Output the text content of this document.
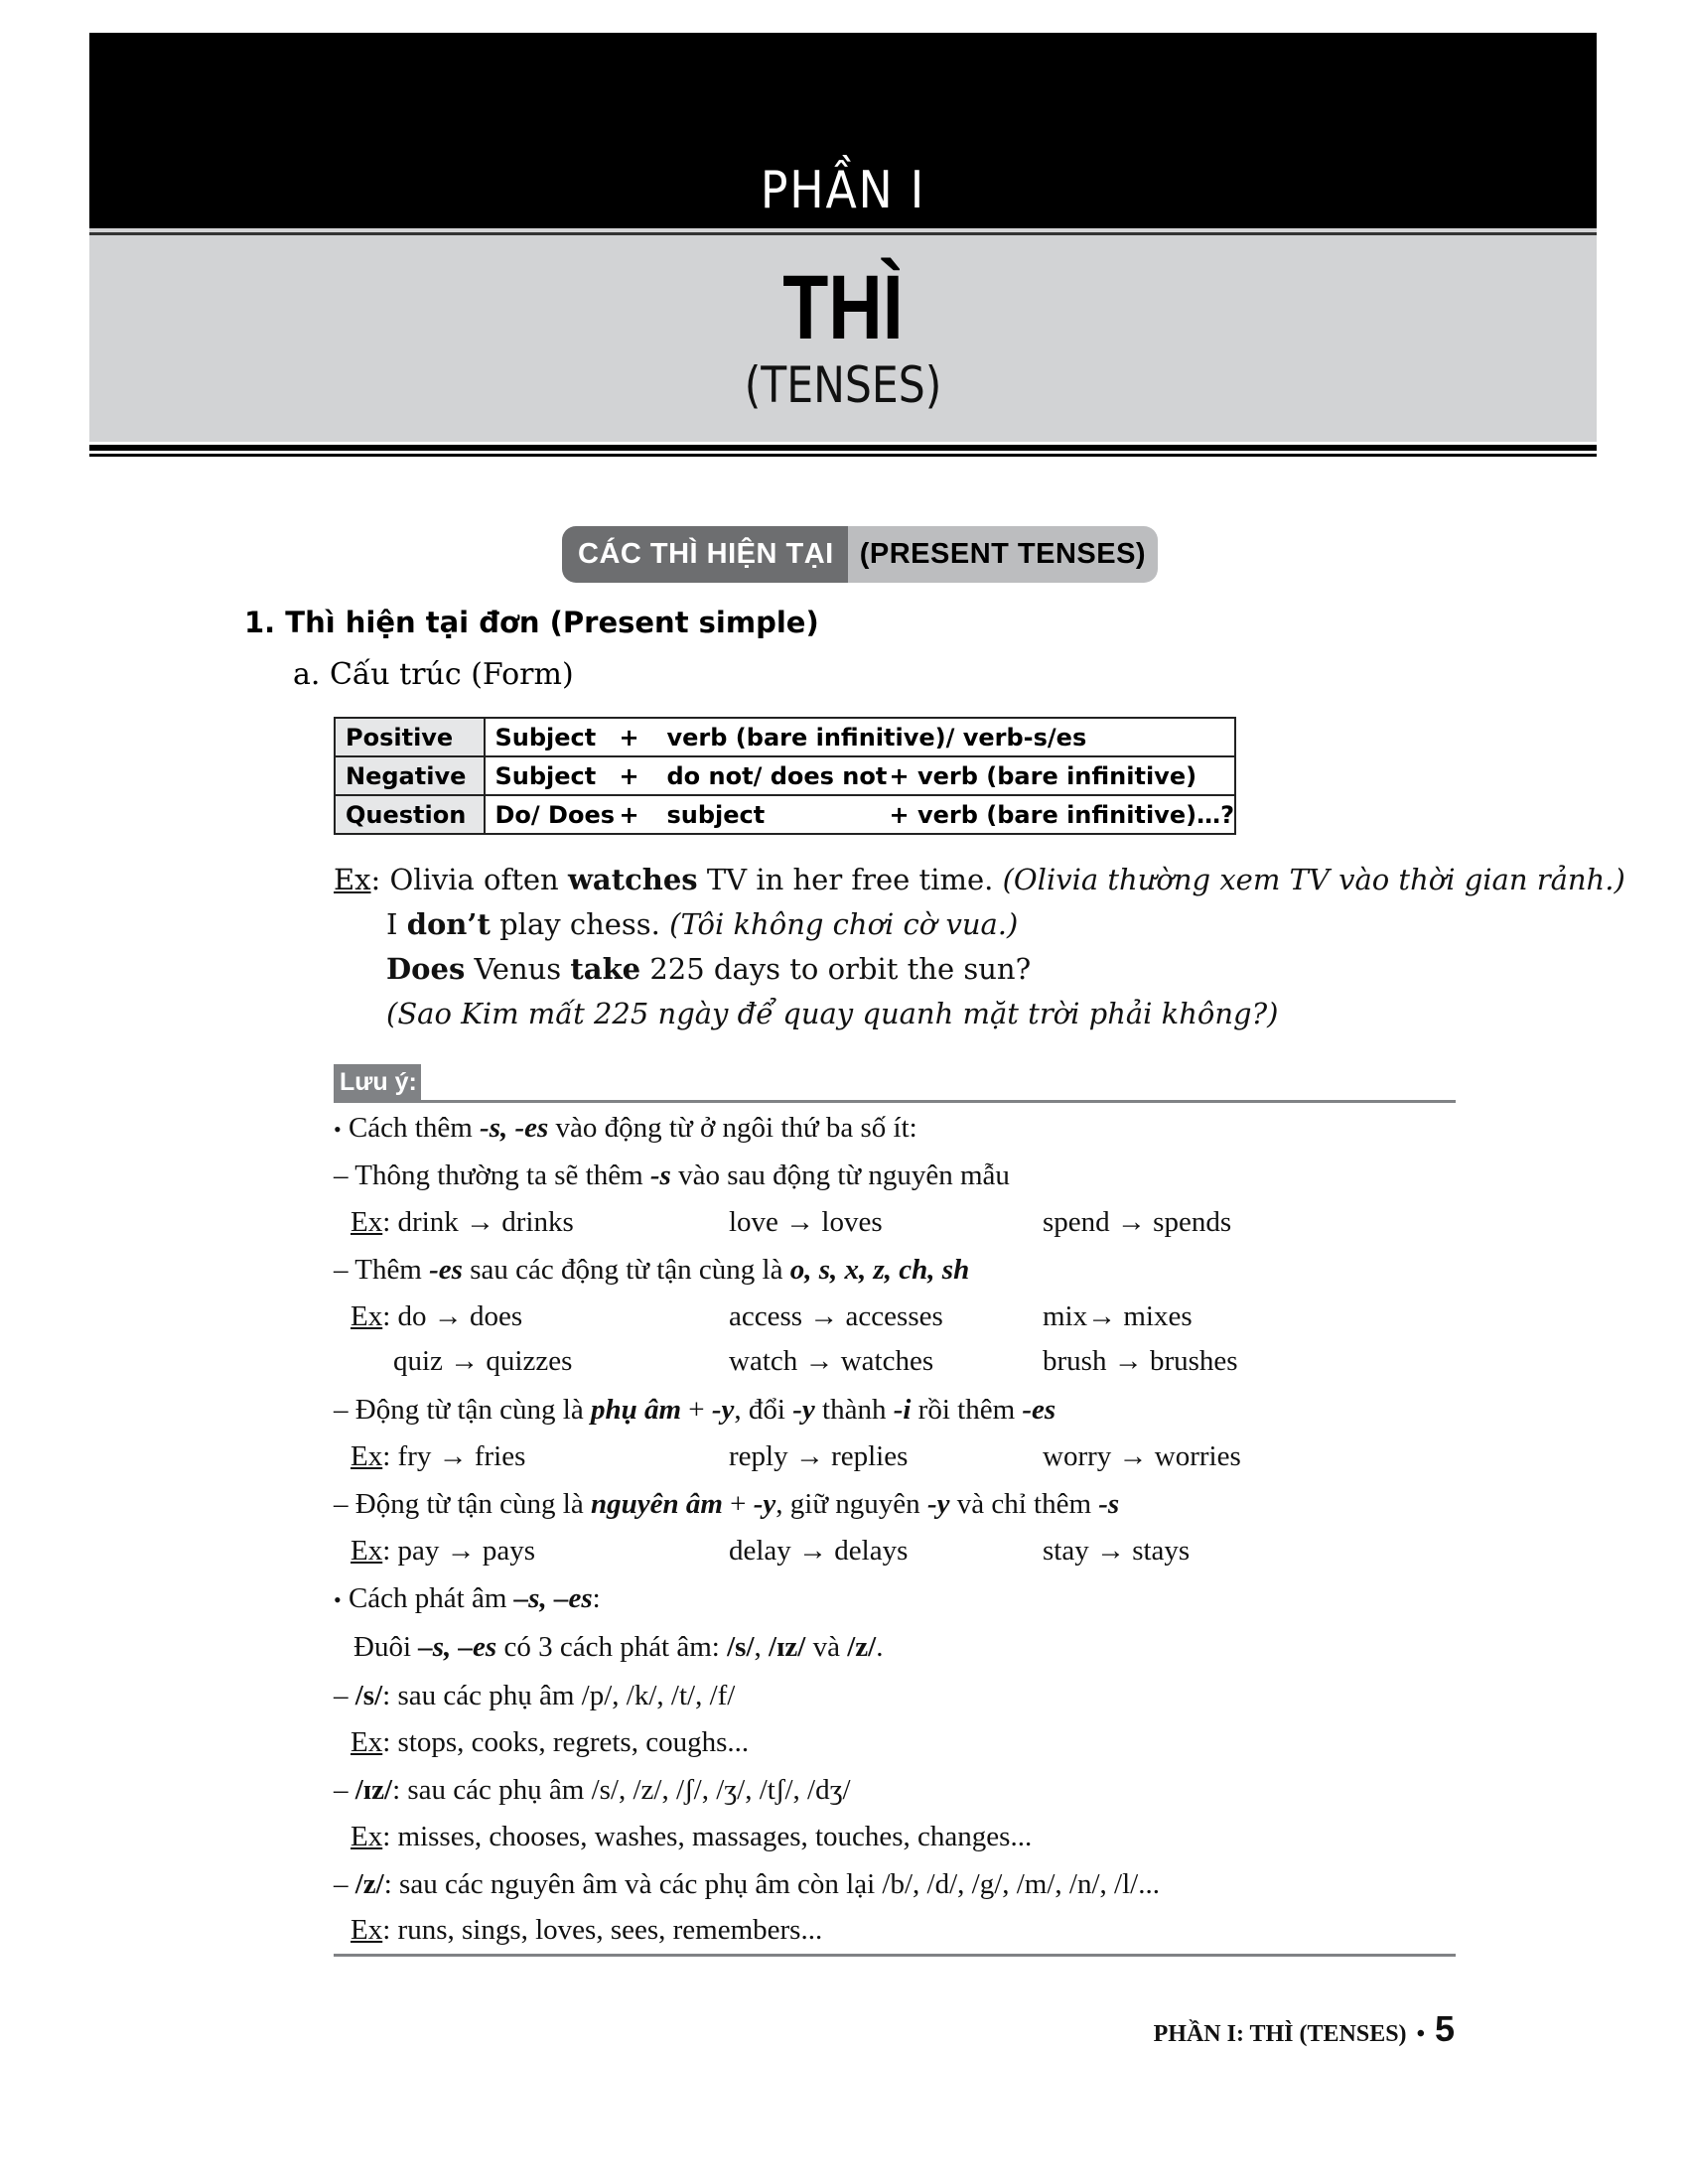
PHẦN I
THÌ
(TENSES)
CÁC THÌ HIỆN TẠI (PRESENT TENSES)
1. Thì hiện tại đơn (Present simple)
a. Cấu trúc (Form)
Positive	Subject + verb (bare infinitive)/ verb-s/es

Negative	Subject + do not/ does not + verb (bare infinitive)

Question	Do/ Does + subject + verb (bare infinitive)…?
Ex: Olivia often watches TV in her free time. (Olivia thường xem TV vào thời gian rảnh.)
I don’t play chess. (Tôi không chơi cờ vua.)
Does Venus take 225 days to orbit the sun?
(Sao Kim mất 225 ngày để quay quanh mặt trời phải không?)
Lưu ý:
• Cách thêm -s, -es vào động từ ở ngôi thứ ba số ít:
– Thông thường ta sẽ thêm -s vào sau động từ nguyên mẫu
Ex: drink → drinks	love → loves	spend → spends
– Thêm -es sau các động từ tận cùng là o, s, x, z, ch, sh
Ex: do → does	access → accesses	mix→ mixes
quiz → quizzes	watch → watches	brush → brushes
– Động từ tận cùng là phụ âm + -y, đổi -y thành -i rồi thêm -es
Ex: fry → fries	reply → replies	worry → worries
– Động từ tận cùng là nguyên âm + -y, giữ nguyên -y và chỉ thêm -s
Ex: pay → pays	delay → delays	stay → stays
• Cách phát âm –s, –es:
Đuôi –s, –es có 3 cách phát âm: /s/, /ɪz/ và /z/.
– /s/: sau các phụ âm /p/, /k/, /t/, /f/
Ex: stops, cooks, regrets, coughs...
– /ɪz/: sau các phụ âm /s/, /z/, /ʃ/, /ʒ/, /tʃ/, /dʒ/
Ex: misses, chooses, washes, massages, touches, changes...
– /z/: sau các nguyên âm và các phụ âm còn lại /b/, /d/, /g/, /m/, /n/, /l/...
Ex: runs, sings, loves, sees, remembers...
PHẦN I: THÌ (TENSES) • 5
